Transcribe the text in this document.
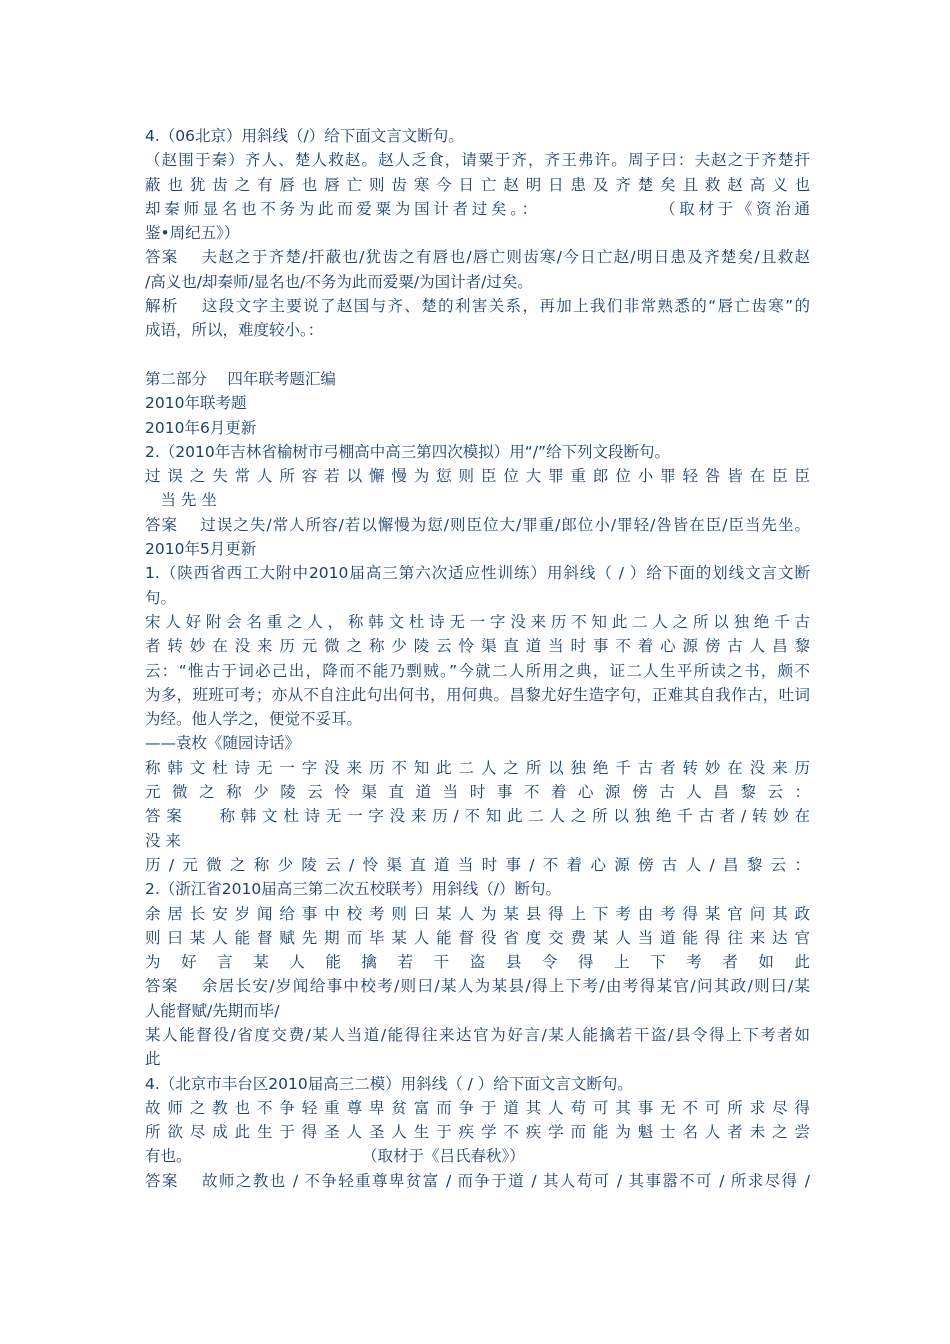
4.（06北京）用斜线（/）给下面文言文断句。
（赵围于秦）齐人、楚人救赵。赵人乏食，请粟于齐，齐王弗许。周子曰：夫赵之于齐楚扞
蔽也犹齿之有唇也唇亡则齿寒今日亡赵明日患及齐楚矣且救赵高义也
却秦师显名也不务为此而爱粟为国计者过矣。：　　　　　　　（取材于《资治通
鉴•周纪五》）
答案　 夫赵之于齐楚/扞蔽也/犹齿之有唇也/唇亡则齿寒/今日亡赵/明日患及齐楚矣/且救赵
/高义也/却秦师/显名也/不务为此而爱粟/为国计者/过矣。
解析　 这段文字主要说了赵国与齐、楚的利害关系，再加上我们非常熟悉的“唇亡齿寒”的
成语，所以，难度较小。：
第二部分　 四年联考题汇编
2010年联考题
2010年6月更新
2.（2010年吉林省榆树市弓棚高中高三第四次模拟）用“/”给下列文段断句。
过误之失常人所容若以懈慢为愆则臣位大罪重郎位小罪轻咎皆在臣臣
　当 先 坐
答案　 过误之失/常人所容/若以懈慢为愆/则臣位大/罪重/郎位小/罪轻/咎皆在臣/臣当先坐。
2010年5月更新
1.（陕西省西工大附中2010届高三第六次适应性训练）用斜线（ / ）给下面的划线文言文断
句。
宋人好附会名重之人，称韩文杜诗无一字没来历不知此二人之所以独绝千古
者转妙在没来历元微之称少陵云怜渠直道当时事不着心源傍古人昌黎
云：“惟古于词必己出，降而不能乃剽贼。”今就二人所用之典，证二人生平所读之书，颇不
为多，班班可考；亦从不自注此句出何书，用何典。昌黎尤好生造字句，正难其自我作古，吐词
为经。他人学之，便觉不妥耳。
——袁枚《随园诗话》
称韩文杜诗无一字没来历不知此二人之所以独绝千古者转妙在没来历
元微之称少陵云怜渠直道当时事不着心源傍古人昌黎云：
答案　 称韩文杜诗无一字没来历/不知此二人之所以独绝千古者/转妙在
没 来
历/元微之称少陵云/怜渠直道当时事/不着心源傍古人/昌黎云：
2.（浙江省2010届高三第二次五校联考）用斜线（/）断句。
余居长安岁闻给事中校考则曰某人为某县得上下考由考得某官问其政
则曰某人能督赋先期而毕某人能督役省度交费某人当道能得往来达官
为好言某人能擒若干盗县令得上下考者如此
答案　 余居长安/岁闻给事中校考/则曰/某人为某县/得上下考/由考得某官/问其政/则曰/某
人能督赋/先期而毕/
某人能督役/省度交费/某人当道/能得往来达官为好言/某人能擒若干盗/县令得上下考者如
此
4.（北京市丰台区2010届高三二模）用斜线（ / ）给下面文言文断句。
故师之教也不争轻重尊卑贫富而争于道其人苟可其事无不可所求尽得
所欲尽成此生于得圣人圣人生于疾学不疾学而能为魁士名人者未之尝
有也。　　　　　　　　　　　　（取材于《吕氏春秋》）
答案　 故师之教也 / 不争轻重尊卑贫富 / 而争于道 / 其人苟可 / 其事嚣不可 / 所求尽得 /
